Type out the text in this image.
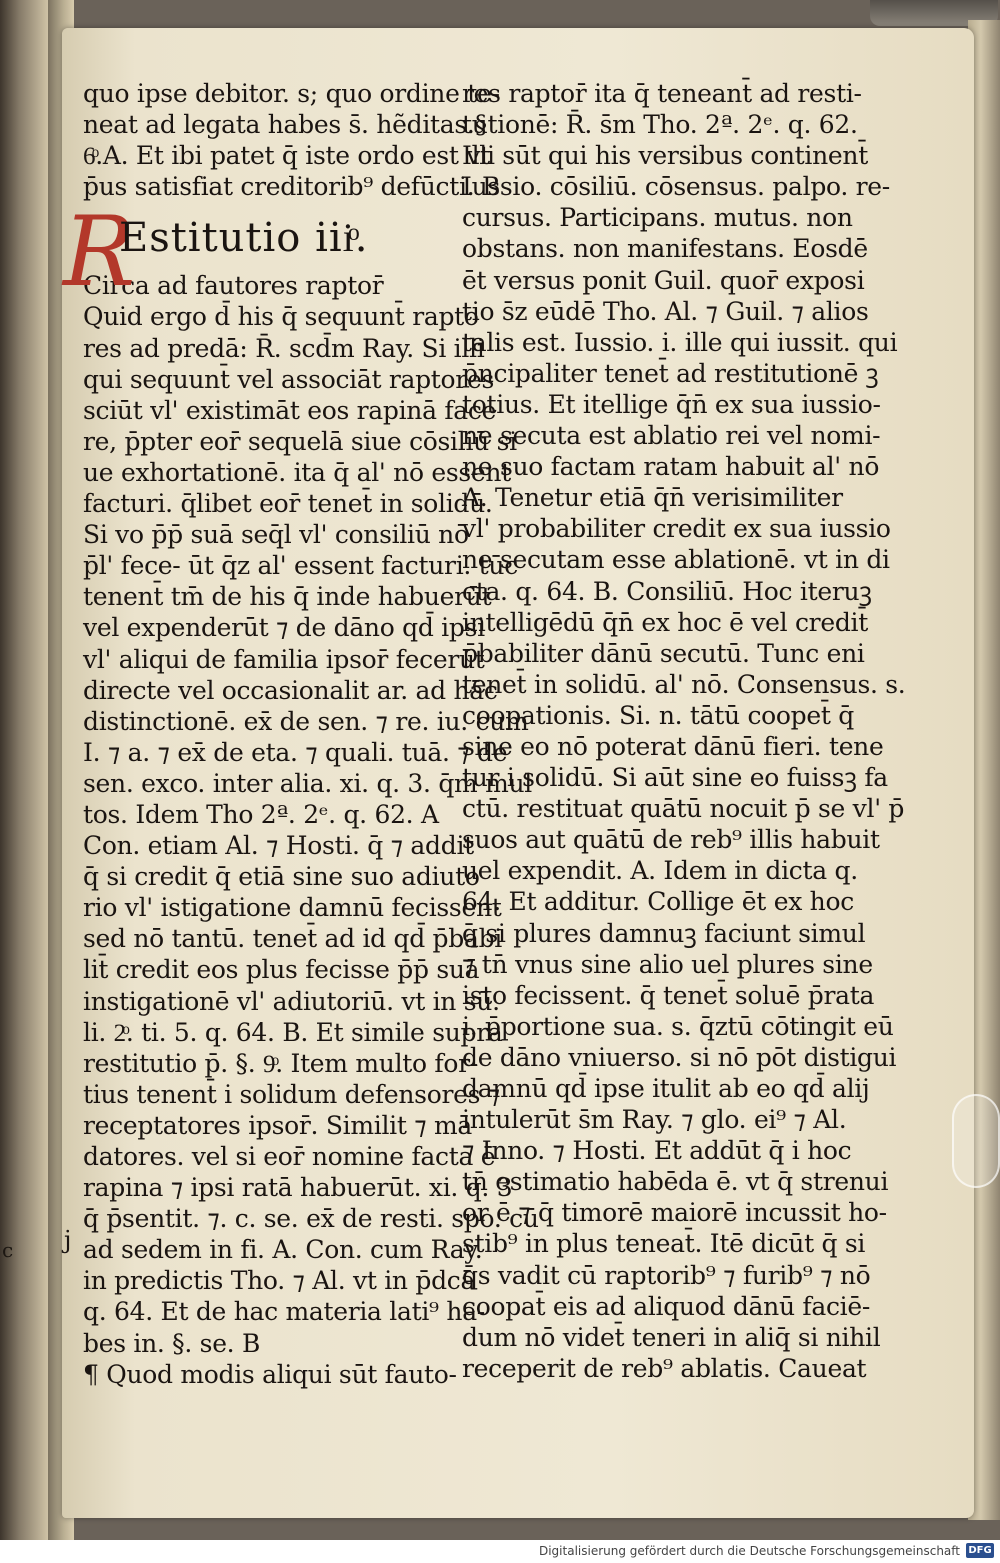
quo ipse debitor. s; quo ordine te-
neat ad legata habes s̄. hẽditas.§
6ͦ.A. Et ibi patet q̄ iste ordo est vt
p̄us satisfiat creditorib⁹ defūcti. B
R
Estitutio iiiͦ.
Circa ad fautores raptor̄
Quid ergo d̄ his q̄ sequunt̄ rapto
res ad predā: R̄. scd̄m Ray. Si illi
qui sequunt̄ vel associāt raptores
sciūt vl' existimāt eos rapinā face
re, p̄pter eor̄ sequelā siue cōsiliū si
ue exhortationē. ita q̄ al' nō essent
facturi. q̄libet eor̄ tenet̄ in solidū.
Si vo p̄p̄ suā seq̄l vl' consiliū nō
p̄l' fece- ūt q̄z al' essent facturi. tūc
tenent̄ tm̄ de his q̄ inde habuerūt
vel expenderūt ⁊ de dāno qd̄ ipsi
vl' aliqui de familia ipsor̄ fecerūt
directe vel occasionalit ar. ad hāc
distinctionē. ex̄ de sen. ⁊ re. iu. cum
I. ⁊ a. ⁊ ex̄ de eta. ⁊ quali. tuā. ⁊ de
sen. exco. inter alia. xi. q. 3. q̄m mul
tos. Idem Tho 2ª. 2ᵉ. q. 62. A
Con. etiam Al. ⁊ Hosti. q̄ ⁊ addit
q̄ si credit q̄ etiā sine suo adiuto
rio vl' istigatione damnū fecissent
sed nō tantū. tenet̄ ad id qd̄ p̄babi
lit̄ credit eos plus fecisse p̄p̄ suā
instigationē vl' adiutoriū. vt in sū.
li. 2ͦ. ti. 5. q. 64. B. Et simile supra
restitutio p̄. §. 9ͦ. Item multo for-
tius tenent̄ i solidum defensores ⁊
receptatores ipsor̄. Similit ⁊ mā
datores. vel si eor̄ nomine facta ē
rapina ⁊ ipsi ratā habuerūt. xi. q. 3
q̄ p̄sentit. ⁊. c. se. ex̄ de resti. spo. cū
ad sedem in fi. A. Con. cum Ray.
in predictis Tho. ⁊ Al. vt in p̄dcā
q. 64. Et de hac materia lati⁹ ha-
bes in. §. se. B
¶ Quod modis aliqui sūt fauto-
res raptor̄ ita q̄ teneant̄ ad resti-
tutionē: R̄. s̄m Tho. 2ª. 2ᵉ. q. 62.
Illi sūt qui his versibus continent̄
Iussio. cōsiliū. cōsensus. palpo. re-
cursus. Participans. mutus. non
obstans. non manifestans. Eosdē
ēt versus ponit Guil. quor̄ exposi
tio s̄z eūdē Tho. Al. ⁊ Guil. ⁊ alios
talis est. Iussio. i. ille qui iussit. qui
p̄ncipaliter tenet̄ ad restitutionē ꝫ
totius. Et itellige q̄n̄ ex sua iussio-
ne secuta est ablatio rei vel nomi-
ne suo factam ratam habuit al' nō
A. Tenetur etiā q̄n̄ verisimiliter
vl' probabiliter credit ex sua iussio
ne secutam esse ablationē. vt in di
cta. q. 64. B. Consiliū. Hoc iteruꝫ
intelligēdū q̄n̄ ex hoc ē vel credit̄
p̄babiliter dānū secutū. Tunc eni
tenet̄ in solidū. al' nō. Consensus. s.
coopationis. Si. n. tātū coopet̄ q̄
sine eo nō poterat dānū fieri. tene
tur i solidū. Si aūt sine eo fuissꝫ fa
ctū. restituat quātū nocuit p̄ se vl' p̄
suos aut quātū de reb⁹ illis habuit
uel expendit. A. Idem in dicta q.
64. Et additur. Collige ēt ex hoc
q̄ si plures damnuꝫ faciunt simul
⁊ tn̄ vnus sine alio uel plures sine
isto fecissent. q̄ tenet̄ soluē p̄rata
i. p̄portione sua. s. q̄ztū cōtingit eū
de dāno vniuerso. si nō pōt distigui
damnū qd̄ ipse itulit ab eo qd̄ alij
intulerūt s̄m Ray. ⁊ glo. ei⁹ ⁊ Al.
⁊ Inno. ⁊ Hosti. Et addūt q̄ i hoc
tn̄ estimatio habēda ē. vt q̄ strenui
or ē ⁊ q̄ timorē maiorē incussit ho-
stib⁹ in plus teneat̄. Itē dicūt q̄ si
q̄s vadit cū raptorib⁹ ⁊ furib⁹ ⁊ nō
coopat̄ eis ad aliquod dānū faciē-
dum nō videt̄ teneri in aliq̄ si nihil
receperit de reb⁹ ablatis. Caueat
j
c
Digitalisierung gefördert durch die Deutsche Forschungsgemeinschaft DFG
